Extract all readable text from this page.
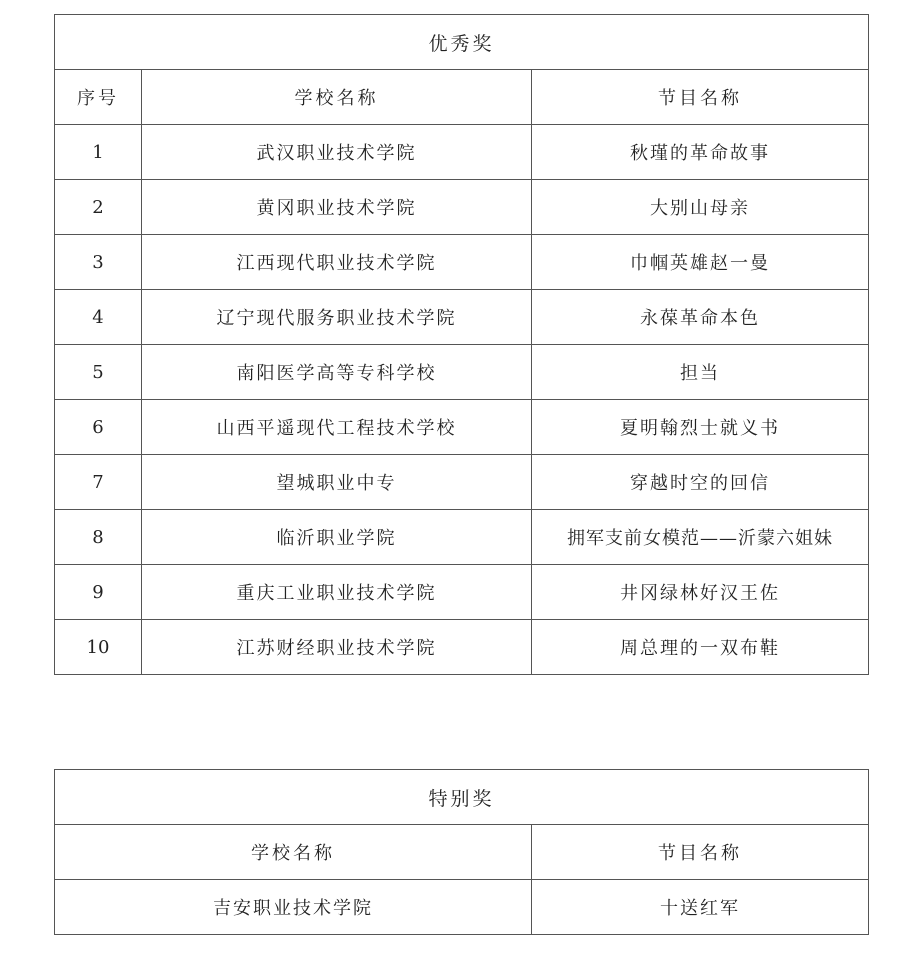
优秀奖		
序号	学校名称	节目名称
1	武汉职业技术学院	秋瑾的革命故事
2	黄冈职业技术学院	大别山母亲
3	江西现代职业技术学院	巾帼英雄赵一曼
4	辽宁现代服务职业技术学院	永葆革命本色
5	南阳医学高等专科学校	担当
6	山西平遥现代工程技术学校	夏明翰烈士就义书
7	望城职业中专	穿越时空的回信
8	临沂职业学院	拥军支前女模范——沂蒙六姐妹
9	重庆工业职业技术学院	井冈绿林好汉王佐
10	江苏财经职业技术学院	周总理的一双布鞋
特别奖	
学校名称	节目名称
吉安职业技术学院	十送红军
